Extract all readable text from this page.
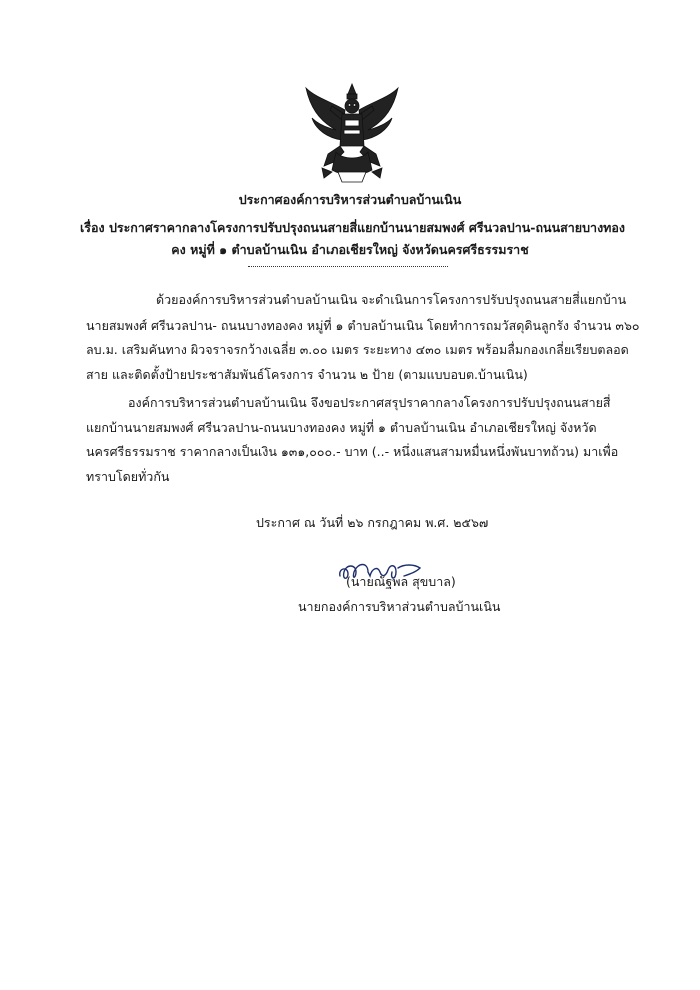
ประกาศองค์การบริหารส่วนตำบลบ้านเนิน
เรื่อง ประกาศราคากลางโครงการปรับปรุงถนนสายสี่แยกบ้านนายสมพงศ์ ศรีนวลปาน-ถนนสายบางทอง
คง หมู่ที่ ๑ ตำบลบ้านเนิน อำเภอเชียรใหญ่ จังหวัดนครศรีธรรมราช
ด้วยองค์การบริหารส่วนตำบลบ้านเนิน จะดำเนินการโครงการปรับปรุงถนนสายสี่แยกบ้าน
นายสมพงศ์ ศรีนวลปาน- ถนนบางทองคง หมู่ที่ ๑ ตำบลบ้านเนิน โดยทำการถมวัสดุดินลูกรัง จำนวน ๓๖๐
ลบ.ม. เสริมคันทาง ผิวจราจรกว้างเฉลี่ย ๓.๐๐ เมตร ระยะทาง ๔๓๐ เมตร พร้อมลื่มกองเกลี่ยเรียบตลอด
สาย และติดตั้งป้ายประชาสัมพันธ์โครงการ จำนวน ๒ ป้าย (ตามแบบอบต.บ้านเนิน)
องค์การบริหารส่วนตำบลบ้านเนิน จึงขอประกาศสรุปราคากลางโครงการปรับปรุงถนนสายสี่
แยกบ้านนายสมพงศ์ ศรีนวลปาน-ถนนบางทองคง หมู่ที่ ๑ ตำบลบ้านเนิน อำเภอเชียรใหญ่ จังหวัด
นครศรีธรรมราช ราคากลางเป็นเงิน ๑๓๑,๐๐๐.- บาท (..- หนึ่งแสนสามหมื่นหนึ่งพันบาทถ้วน) มาเพื่อ
ทราบโดยทั่วกัน
ประกาศ ณ วันที่ ๒๖ กรกฎาคม พ.ศ. ๒๕๖๗
(นายณัฐพล สุขบาล)
นายกองค์การบริหาส่วนตำบลบ้านเนิน
